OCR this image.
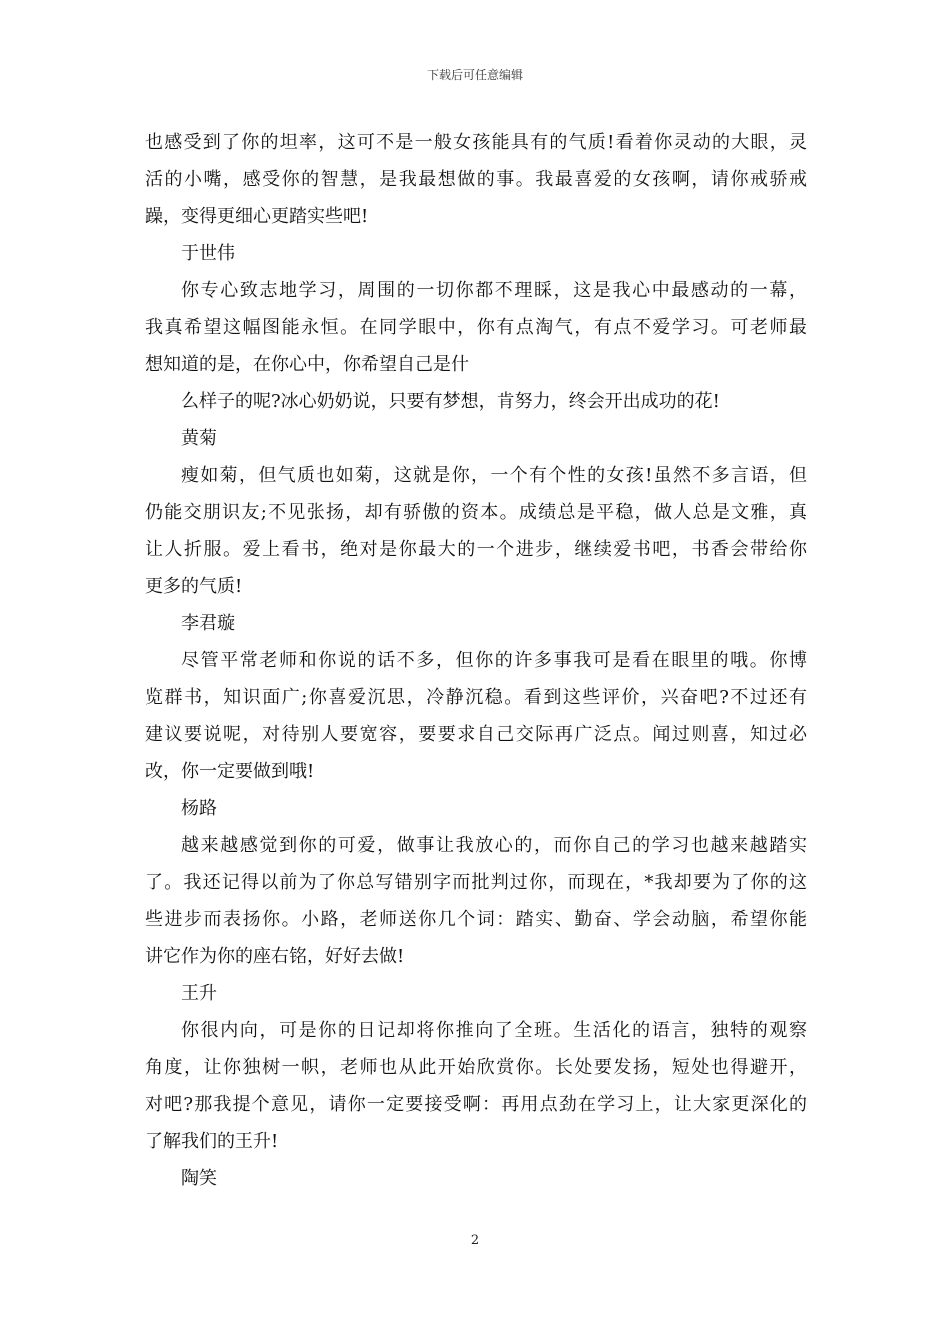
下载后可任意编辑
也感受到了你的坦率，这可不是一般女孩能具有的气质!看着你灵动的大眼，灵
活的小嘴，感受你的智慧，是我最想做的事。我最喜爱的女孩啊，请你戒骄戒
躁，变得更细心更踏实些吧!
于世伟
你专心致志地学习，周围的一切你都不理睬，这是我心中最感动的一幕，
我真希望这幅图能永恒。在同学眼中，你有点淘气，有点不爱学习。可老师最
想知道的是，在你心中，你希望自己是什
么样子的呢?冰心奶奶说，只要有梦想，肯努力，终会开出成功的花!
黄菊
瘦如菊，但气质也如菊，这就是你，一个有个性的女孩!虽然不多言语，但
仍能交朋识友;不见张扬，却有骄傲的资本。成绩总是平稳，做人总是文雅，真
让人折服。爱上看书，绝对是你最大的一个进步，继续爱书吧，书香会带给你
更多的气质!
李君璇
尽管平常老师和你说的话不多，但你的许多事我可是看在眼里的哦。你博
览群书，知识面广;你喜爱沉思，冷静沉稳。看到这些评价，兴奋吧?不过还有
建议要说呢，对待别人要宽容，要要求自己交际再广泛点。闻过则喜，知过必
改，你一定要做到哦!
杨路
越来越感觉到你的可爱，做事让我放心的，而你自己的学习也越来越踏实
了。我还记得以前为了你总写错别字而批判过你，而现在，*我却要为了你的这
些进步而表扬你。小路，老师送你几个词：踏实、勤奋、学会动脑，希望你能
讲它作为你的座右铭，好好去做!
王升
你很内向，可是你的日记却将你推向了全班。生活化的语言，独特的观察
角度，让你独树一帜，老师也从此开始欣赏你。长处要发扬，短处也得避开，
对吧?那我提个意见，请你一定要接受啊：再用点劲在学习上，让大家更深化的
了解我们的王升!
陶笑
2
